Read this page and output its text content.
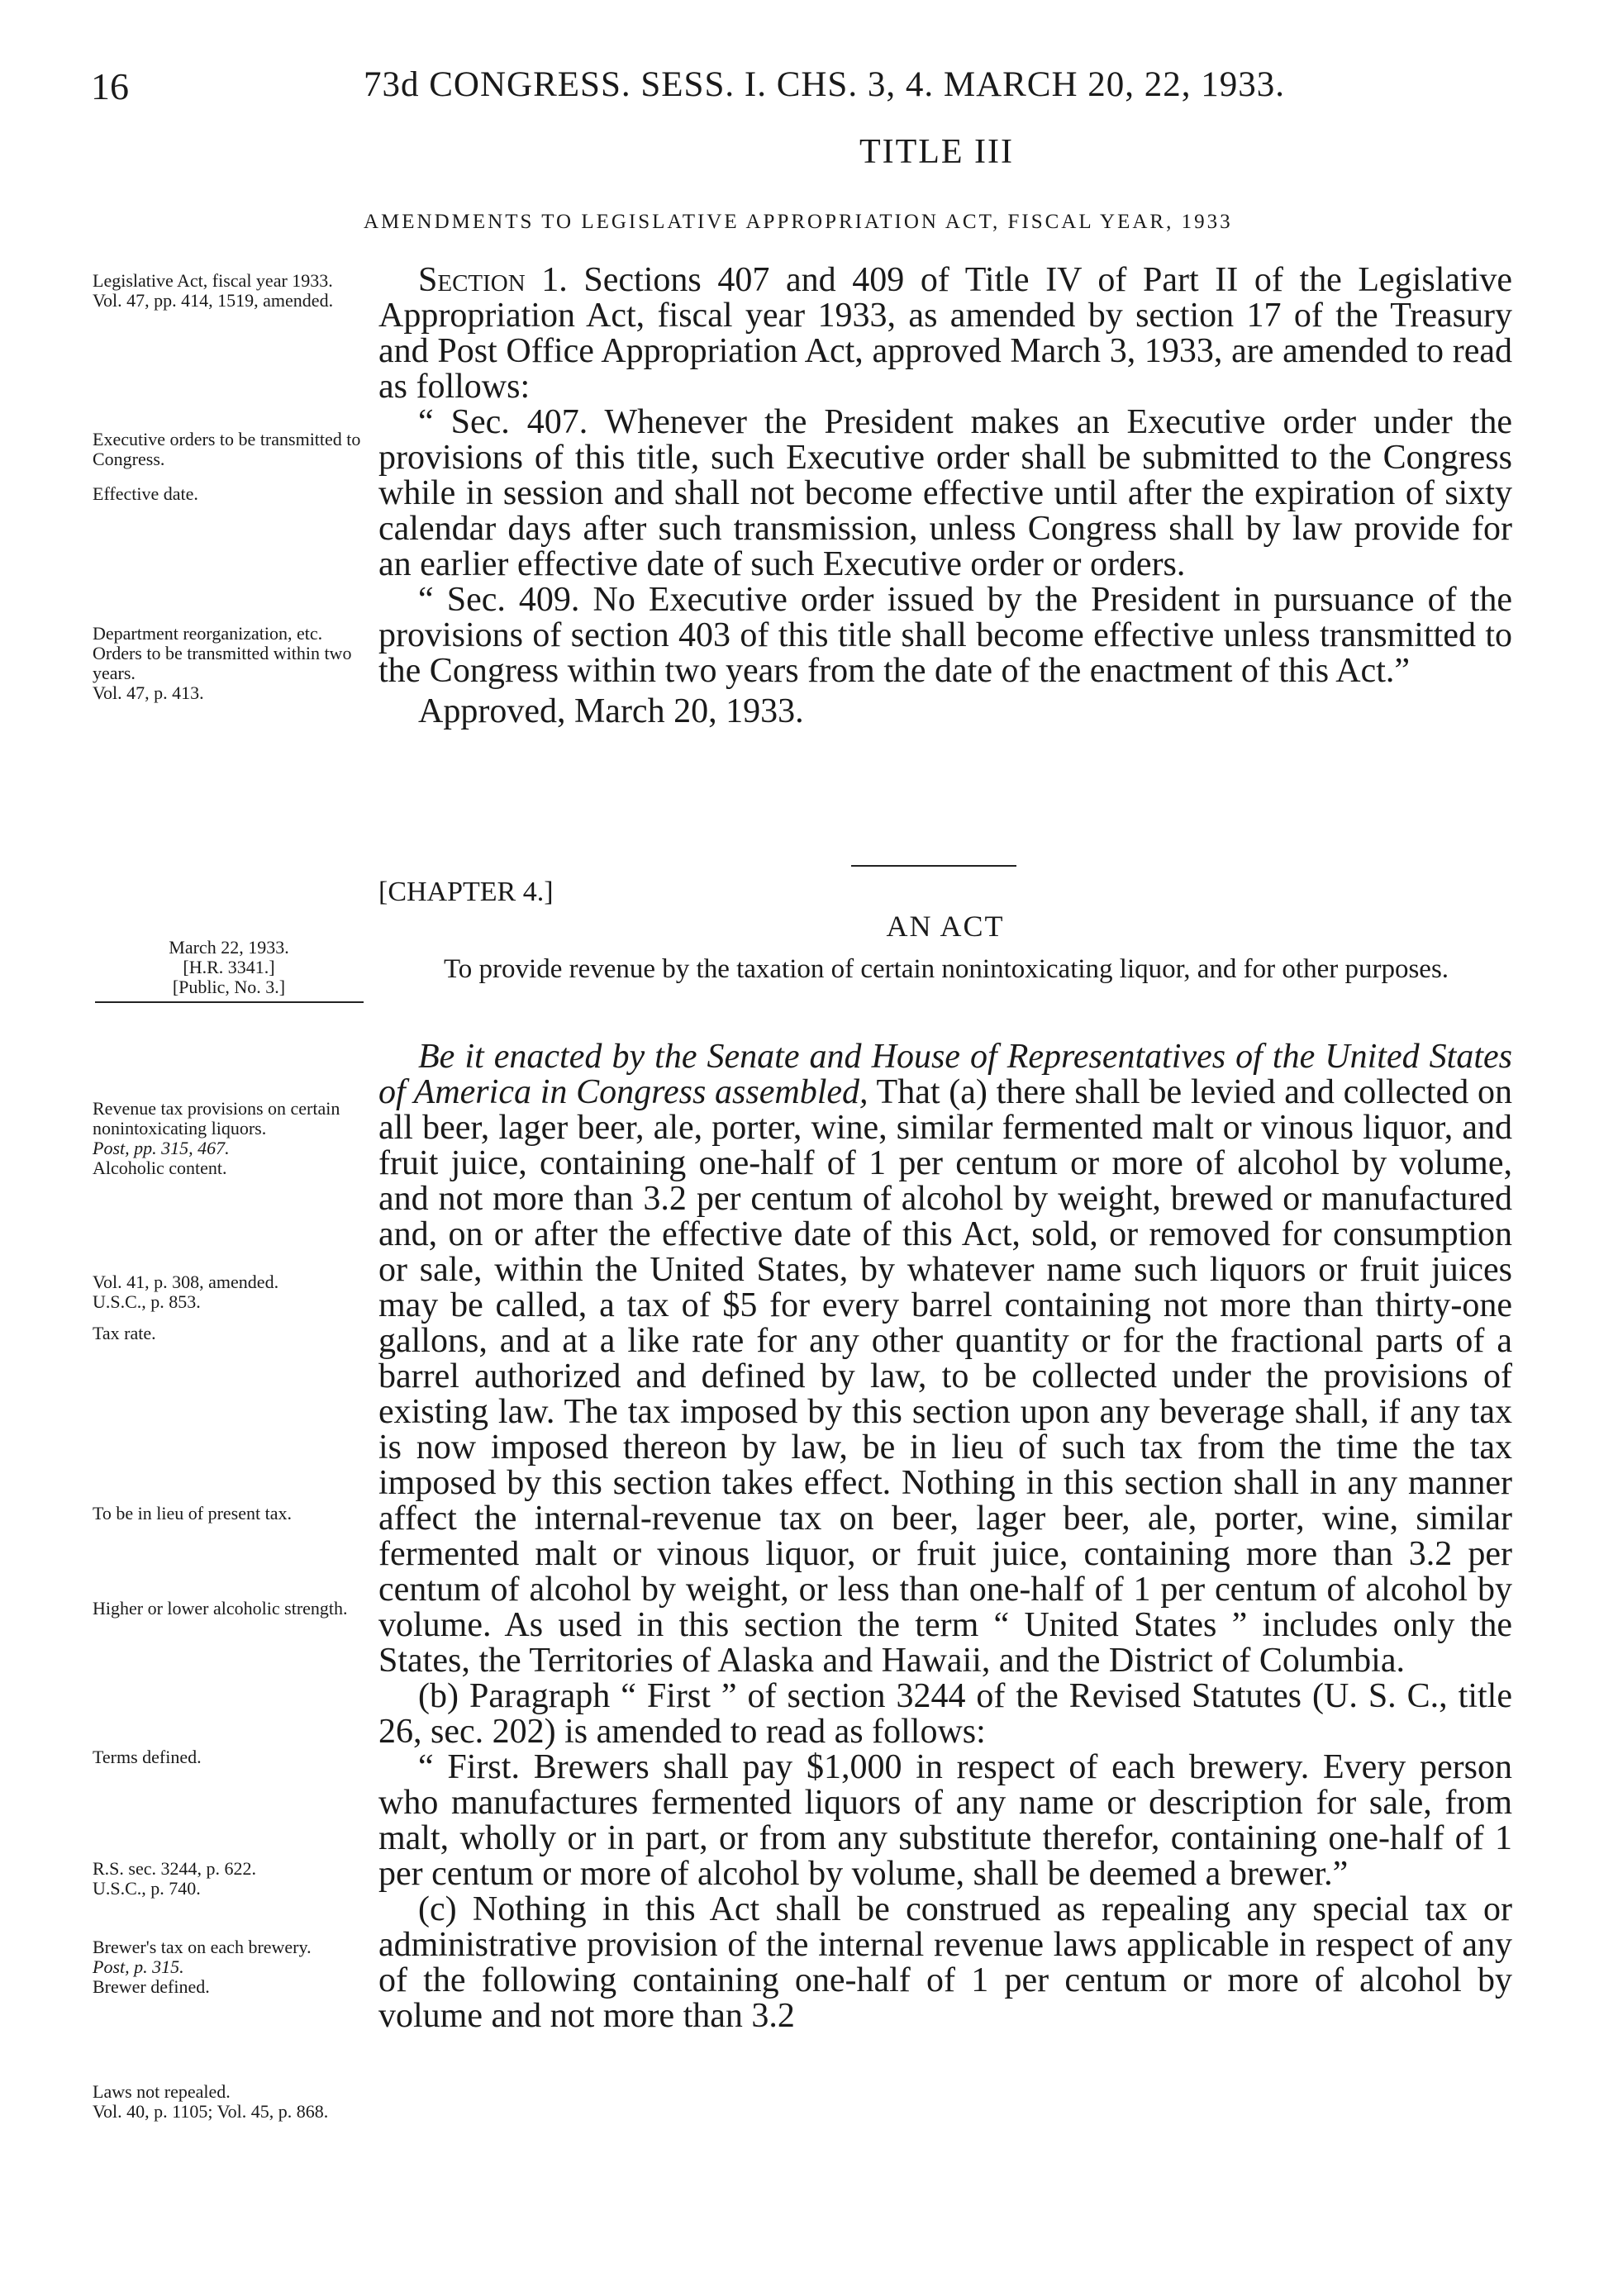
16	73d CONGRESS. SESS. I. CHS. 3, 4. MARCH 20, 22, 1933.
TITLE III
AMENDMENTS TO LEGISLATIVE APPROPRIATION ACT, FISCAL YEAR, 1933
Legislative Act, fiscal year 1933.
Vol. 47, pp. 414, 1519, amended.
Executive orders to be transmitted to Congress.
Effective date.
Department reorganization, etc.
Orders to be transmitted within two years.
Vol. 47, p. 413.
March 22, 1933.
[H.R. 3341.]
[Public, No. 3.]
Revenue tax provisions on certain nonintoxicating liquors.
Post, pp. 315, 467.
Alcoholic content.
Vol. 41, p. 308, amended.
U.S.C., p. 853.
Tax rate.
To be in lieu of present tax.
Higher or lower alcoholic strength.
Terms defined.
R.S. sec. 3244, p. 622.
U.S.C., p. 740.
Brewer's tax on each brewery.
Post, p. 315.
Brewer defined.
Laws not repealed.
Vol. 40, p. 1105; Vol. 45, p. 868.

Section 1. Sections 407 and 409 of Title IV of Part II of the Legislative Appropriation Act, fiscal year 1933, as amended by section 17 of the Treasury and Post Office Appropriation Act, approved March 3, 1933, are amended to read as follows:

“ Sec. 407. Whenever the President makes an Executive order under the provisions of this title, such Executive order shall be submitted to the Congress while in session and shall not become effective until after the expiration of sixty calendar days after such transmission, unless Congress shall by law provide for an earlier effective date of such Executive order or orders.

“ Sec. 409. No Executive order issued by the President in pursuance of the provisions of section 403 of this title shall become effective unless transmitted to the Congress within two years from the date of the enactment of this Act.”

Approved, March 20, 1933.

[CHAPTER 4.]
AN ACT
To provide revenue by the taxation of certain nonintoxicating liquor, and for other purposes.

Be it enacted by the Senate and House of Representatives of the United States of America in Congress assembled, That (a) there shall be levied and collected on all beer, lager beer, ale, porter, wine, similar fermented malt or vinous liquor, and fruit juice, containing one-half of 1 per centum or more of alcohol by volume, and not more than 3.2 per centum of alcohol by weight, brewed or manufactured and, on or after the effective date of this Act, sold, or removed for consumption or sale, within the United States, by whatever name such liquors or fruit juices may be called, a tax of $5 for every barrel containing not more than thirty-one gallons, and at a like rate for any other quantity or for the fractional parts of a barrel authorized and defined by law, to be collected under the provisions of existing law. The tax imposed by this section upon any beverage shall, if any tax is now imposed thereon by law, be in lieu of such tax from the time the tax imposed by this section takes effect. Nothing in this section shall in any manner affect the internal-revenue tax on beer, lager beer, ale, porter, wine, similar fermented malt or vinous liquor, or fruit juice, containing more than 3.2 per centum of alcohol by weight, or less than one-half of 1 per centum of alcohol by volume. As used in this section the term “ United States ” includes only the States, the Territories of Alaska and Hawaii, and the District of Columbia.

(b) Paragraph “ First ” of section 3244 of the Revised Statutes (U. S. C., title 26, sec. 202) is amended to read as follows:

“ First. Brewers shall pay $1,000 in respect of each brewery. Every person who manufactures fermented liquors of any name or description for sale, from malt, wholly or in part, or from any substitute therefor, containing one-half of 1 per centum or more of alcohol by volume, shall be deemed a brewer.”

(c) Nothing in this Act shall be construed as repealing any special tax or administrative provision of the internal revenue laws applicable in respect of any of the following containing one-half of 1 per centum or more of alcohol by volume and not more than 3.2
